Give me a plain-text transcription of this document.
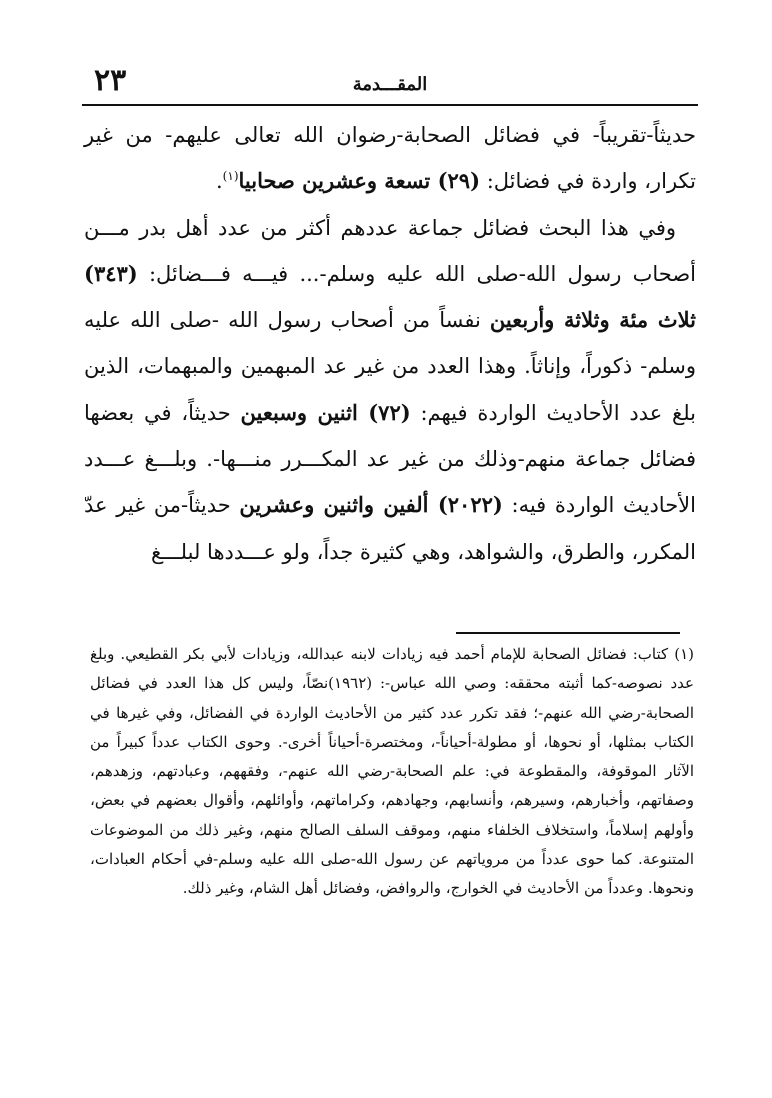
٢٣	المقـــدمة

حديثاً-تقريباً- في فضائل الصحابة-رضوان الله تعالى عليهم- من غير تكرار، واردة في فضائل: (٢٩) تسعة وعشرين صحابيا$^{(١)}$.

وفي هذا البحث فضائل جماعة عددهم أكثر من عدد أهل بدر مـــن أصحاب رسول الله-صلى الله عليه وسلم-... فيـــه فـــضائل: (٣٤٣) ثلاث مئة وثلاثة وأربعين نفساً من أصحاب رسول الله -صلى الله عليه وسلم- ذكوراً، وإناثاً. وهذا العدد من غير عد المبهمين والمبهمات، الذين بلغ عدد الأحاديث الواردة فيهم: (٧٢) اثنين وسبعين حديثاً، في بعضها فضائل جماعة منهم-وذلك من غير عد المكـــرر منـــها-. وبلـــغ عـــدد الأحاديث الواردة فيه: (٢٠٢٢) ألفين واثنين وعشرين حديثاً-من غير عدّ المكرر، والطرق، والشواهد، وهي كثيرة جداً، ولو عـــددها لبلـــغ

(١) كتاب: فضائل الصحابة للإمام أحمد فيه زيادات لابنه عبدالله، وزيادات لأبي بكر القطيعي. وبلغ عدد نصوصه-كما أثبته محققه: وصي الله عباس-: (١٩٦٢)نصّاً، وليس كل هذا العدد في فضائل الصحابة-رضي الله عنهم-؛ فقد تكرر عدد كثير من الأحاديث الواردة في الفضائل، وفي غيرها في الكتاب بمثلها، أو نحوها، أو مطولة-أحياناً-، ومختصرة-أحياناً أخرى-. وحوى الكتاب عدداً كبيراً من الآثار الموقوفة، والمقطوعة في: علم الصحابة-رضي الله عنهم-، وفقههم، وعبادتهم، وزهدهم، وصفاتهم، وأخبارهم، وسيرهم، وأنسابهم، وجهادهم، وكراماتهم، وأوائلهم، وأقوال بعضهم في بعض، وأولهم إسلاماً، واستخلاف الخلفاء منهم، وموقف السلف الصالح منهم، وغير ذلك من الموضوعات المتنوعة. كما حوى عدداً من مروياتهم عن رسول الله-صلى الله عليه وسلم-في أحكام العبادات، ونحوها. وعدداً من الأحاديث في الخوارج، والروافض، وفضائل أهل الشام، وغير ذلك.
